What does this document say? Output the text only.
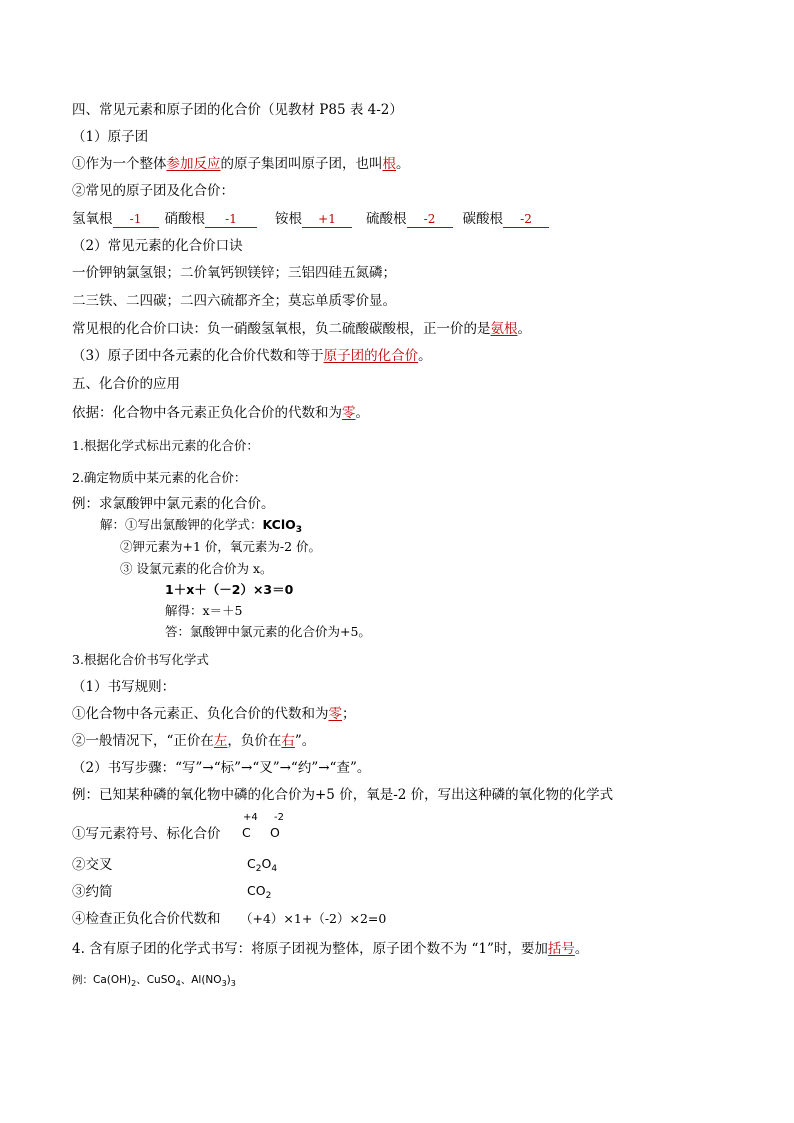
四、常见元素和原子团的化合价（见教材 P85 表 4-2）
（1）原子团
①作为一个整体参加反应的原子集团叫原子团，也叫根。
②常见的原子团及化合价：
氢氧根 -1 硝酸根 -1	铵根 +1 硫酸根 -2 碳酸根 -2
（2）常见元素的化合价口诀
一价钾钠氯氢银；二价氧钙钡镁锌；三铝四硅五氮磷；
二三铁、二四碳；二四六硫都齐全；莫忘单质零价显。
常见根的化合价口诀：负一硝酸氢氧根，负二硫酸碳酸根，正一价的是氨根。
（3）原子团中各元素的化合价代数和等于原子团的化合价。
五、化合价的应用
依据：化合物中各元素正负化合价的代数和为零。
1.根据化学式标出元素的化合价：
2.确定物质中某元素的化合价：
例：求氯酸钾中氯元素的化合价。
解：①写出氯酸钾的化学式：KClO$_3$
②钾元素为+1 价，氧元素为-2 价。
③ 设氯元素的化合价为 x。
1＋x＋（－2）×3＝0
解得：x＝＋5
答：氯酸钾中氯元素的化合价为+5。
3.根据化合价书写化学式
（1）书写规则：
①化合物中各元素正、负化合价的代数和为零；
②一般情况下，“正价在左，负价在右”。
（2）书写步骤：“写”→“标”→“叉”→“约”→“查”。
例：已知某种磷的氧化物中磷的化合价为+5 价，氧是-2 价，写出这种磷的氧化物的化学式
①写元素符号、标化合价
+4 -2
C O
②交叉	$C_2O_4$
③约简	$CO_2$
④检查正负化合价代数和 （+4）×1+（-2）×2=0
4. 含有原子团的化学式书写：将原子团视为整体，原子团个数不为 “1”时，要加括号。
例：$Ca(OH)_2$、CuSO$_4$、$Al(NO_3)_3$
